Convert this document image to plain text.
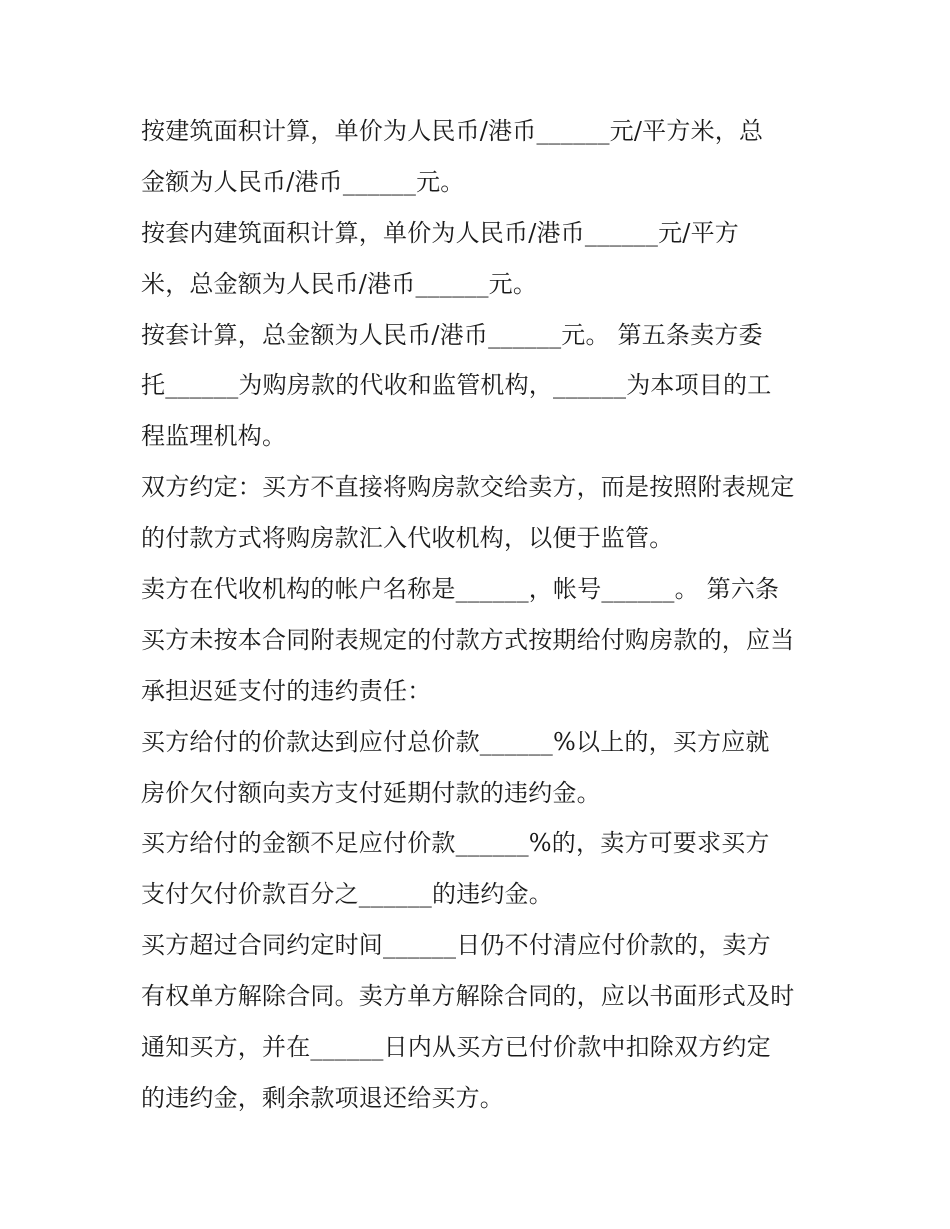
按建筑面积计算，单价为人民币/港币______元/平方米，总
金额为人民币/港币______元。
按套内建筑面积计算，单价为人民币/港币______元/平方
米，总金额为人民币/港币______元。
按套计算，总金额为人民币/港币______元。 第五条卖方委
托______为购房款的代收和监管机构，______为本项目的工
程监理机构。
双方约定：买方不直接将购房款交给卖方，而是按照附表规定
的付款方式将购房款汇入代收机构，以便于监管。
卖方在代收机构的帐户名称是______，帐号______。 第六条
买方未按本合同附表规定的付款方式按期给付购房款的，应当
承担迟延支付的违约责任：
买方给付的价款达到应付总价款______%以上的，买方应就
房价欠付额向卖方支付延期付款的违约金。
买方给付的金额不足应付价款______%的，卖方可要求买方
支付欠付价款百分之______的违约金。
买方超过合同约定时间______日仍不付清应付价款的，卖方
有权单方解除合同。卖方单方解除合同的，应以书面形式及时
通知买方，并在______日内从买方已付价款中扣除双方约定
的违约金，剩余款项退还给买方。
